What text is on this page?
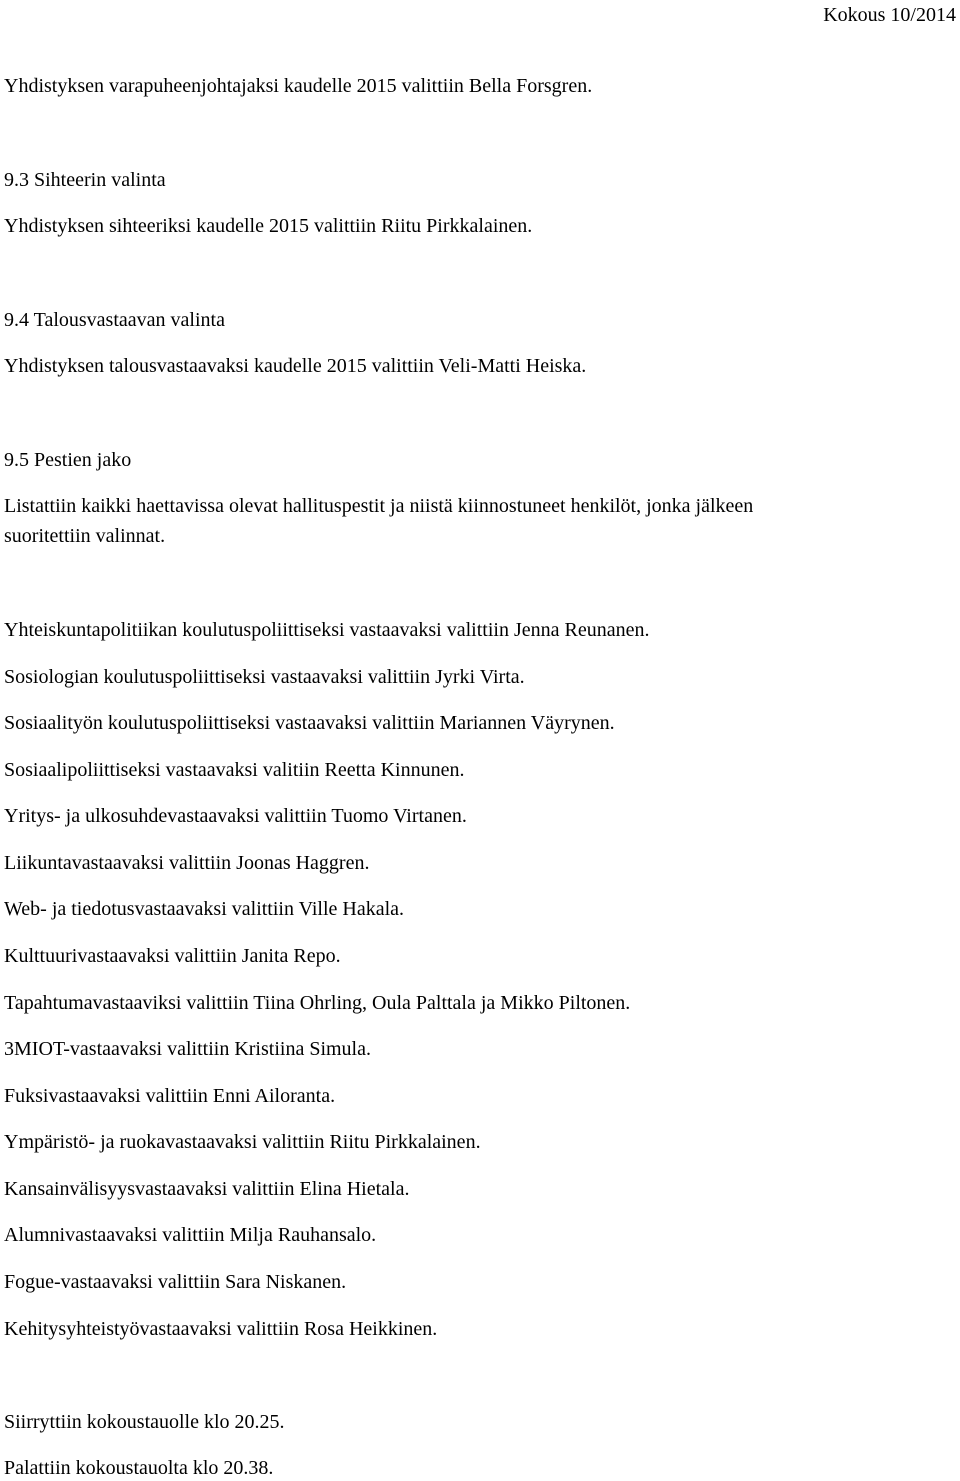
Kokous 10/2014
Yhdistyksen varapuheenjohtajaksi kaudelle 2015 valittiin Bella Forsgren.
9.3 Sihteerin valinta
Yhdistyksen sihteeriksi kaudelle 2015 valittiin Riitu Pirkkalainen.
9.4 Talousvastaavan valinta
Yhdistyksen talousvastaavaksi kaudelle 2015 valittiin Veli-Matti Heiska.
9.5 Pestien jako
Listattiin kaikki haettavissa olevat hallituspestit ja niistä kiinnostuneet henkilöt, jonka jälkeen
suoritettiin valinnat.
Yhteiskuntapolitiikan koulutuspoliittiseksi vastaavaksi valittiin Jenna Reunanen.
Sosiologian koulutuspoliittiseksi vastaavaksi valittiin Jyrki Virta.
Sosiaalityön koulutuspoliittiseksi vastaavaksi valittiin Mariannen Väyrynen.
Sosiaalipoliittiseksi vastaavaksi valitiin Reetta Kinnunen.
Yritys- ja ulkosuhdevastaavaksi valittiin Tuomo Virtanen.
Liikuntavastaavaksi valittiin Joonas Haggren.
Web- ja tiedotusvastaavaksi valittiin Ville Hakala.
Kulttuurivastaavaksi valittiin Janita Repo.
Tapahtumavastaaviksi valittiin Tiina Ohrling, Oula Palttala ja Mikko Piltonen.
3MIOT-vastaavaksi valittiin Kristiina Simula.
Fuksivastaavaksi valittiin Enni Ailoranta.
Ympäristö- ja ruokavastaavaksi valittiin Riitu Pirkkalainen.
Kansainvälisyysvastaavaksi valittiin Elina Hietala.
Alumnivastaavaksi valittiin Milja Rauhansalo.
Fogue-vastaavaksi valittiin Sara Niskanen.
Kehitysyhteistyövastaavaksi valittiin Rosa Heikkinen.
Siirryttiin kokoustauolle klo 20.25.
Palattiin kokoustauolta klo 20.38.
